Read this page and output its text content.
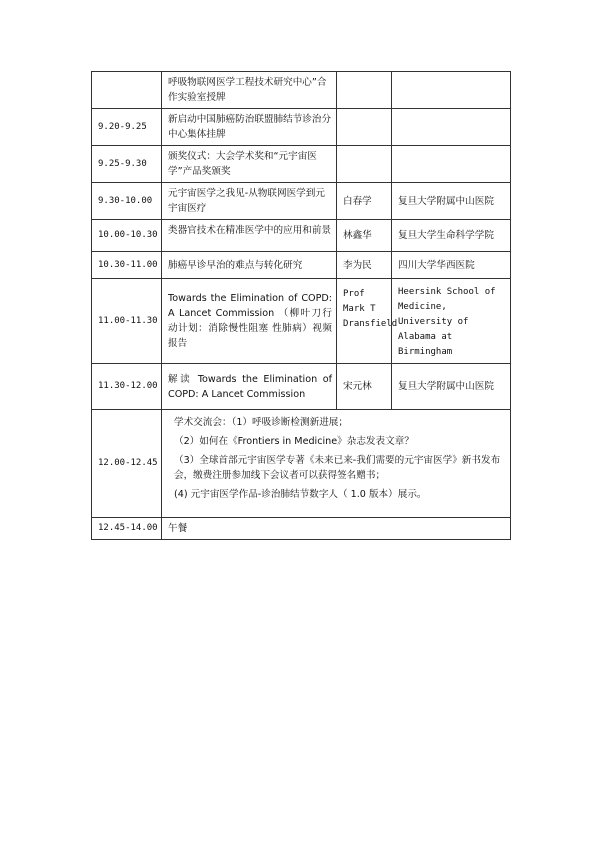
	呼吸物联网医学工程技术研究中心”合作实验室授牌		
9.20-9.25	新启动中国肺癌防治联盟肺结节诊治分中心集体挂牌		
9.25-9.30	颁奖仪式：大会学术奖和“元宇宙医学”产品奖颁奖		
9.30-10.00	元宇宙医学之我见-从物联网医学到元宇宙医疗	白春学	复旦大学附属中山医院
10.00-10.30	类器官技术在精准医学中的应用和前景	林鑫华	复旦大学生命科学学院
10.30-11.00	肺癌早诊早治的难点与转化研究	李为民	四川大学华西医院
11.00-11.30	Towards the Elimination of COPD: A Lancet Commission （柳叶刀行 动计划：消除慢性阻塞 性肺病）视频报告	Prof Mark T Dransfield	Heersink School of Medicine, University of Alabama at Birmingham
11.30-12.00	解读 Towards the Elimination of COPD: A Lancet Commission	宋元林	复旦大学附属中山医院
12.00-12.45	学术交流会：（1）呼吸诊断检测新进展；
（2）如何在《Frontiers in Medicine》杂志发表文章？
（3）全球首部元宇宙医学专著《未来已来-我们需要的元宇宙医学》新书发布会，缴费注册参加线下会议者可以获得签名赠书；
(4) 元宇宙医学作品-诊治肺结节数字人（ 1.0 版本）展示。		

12.45-14.00	午餐		
